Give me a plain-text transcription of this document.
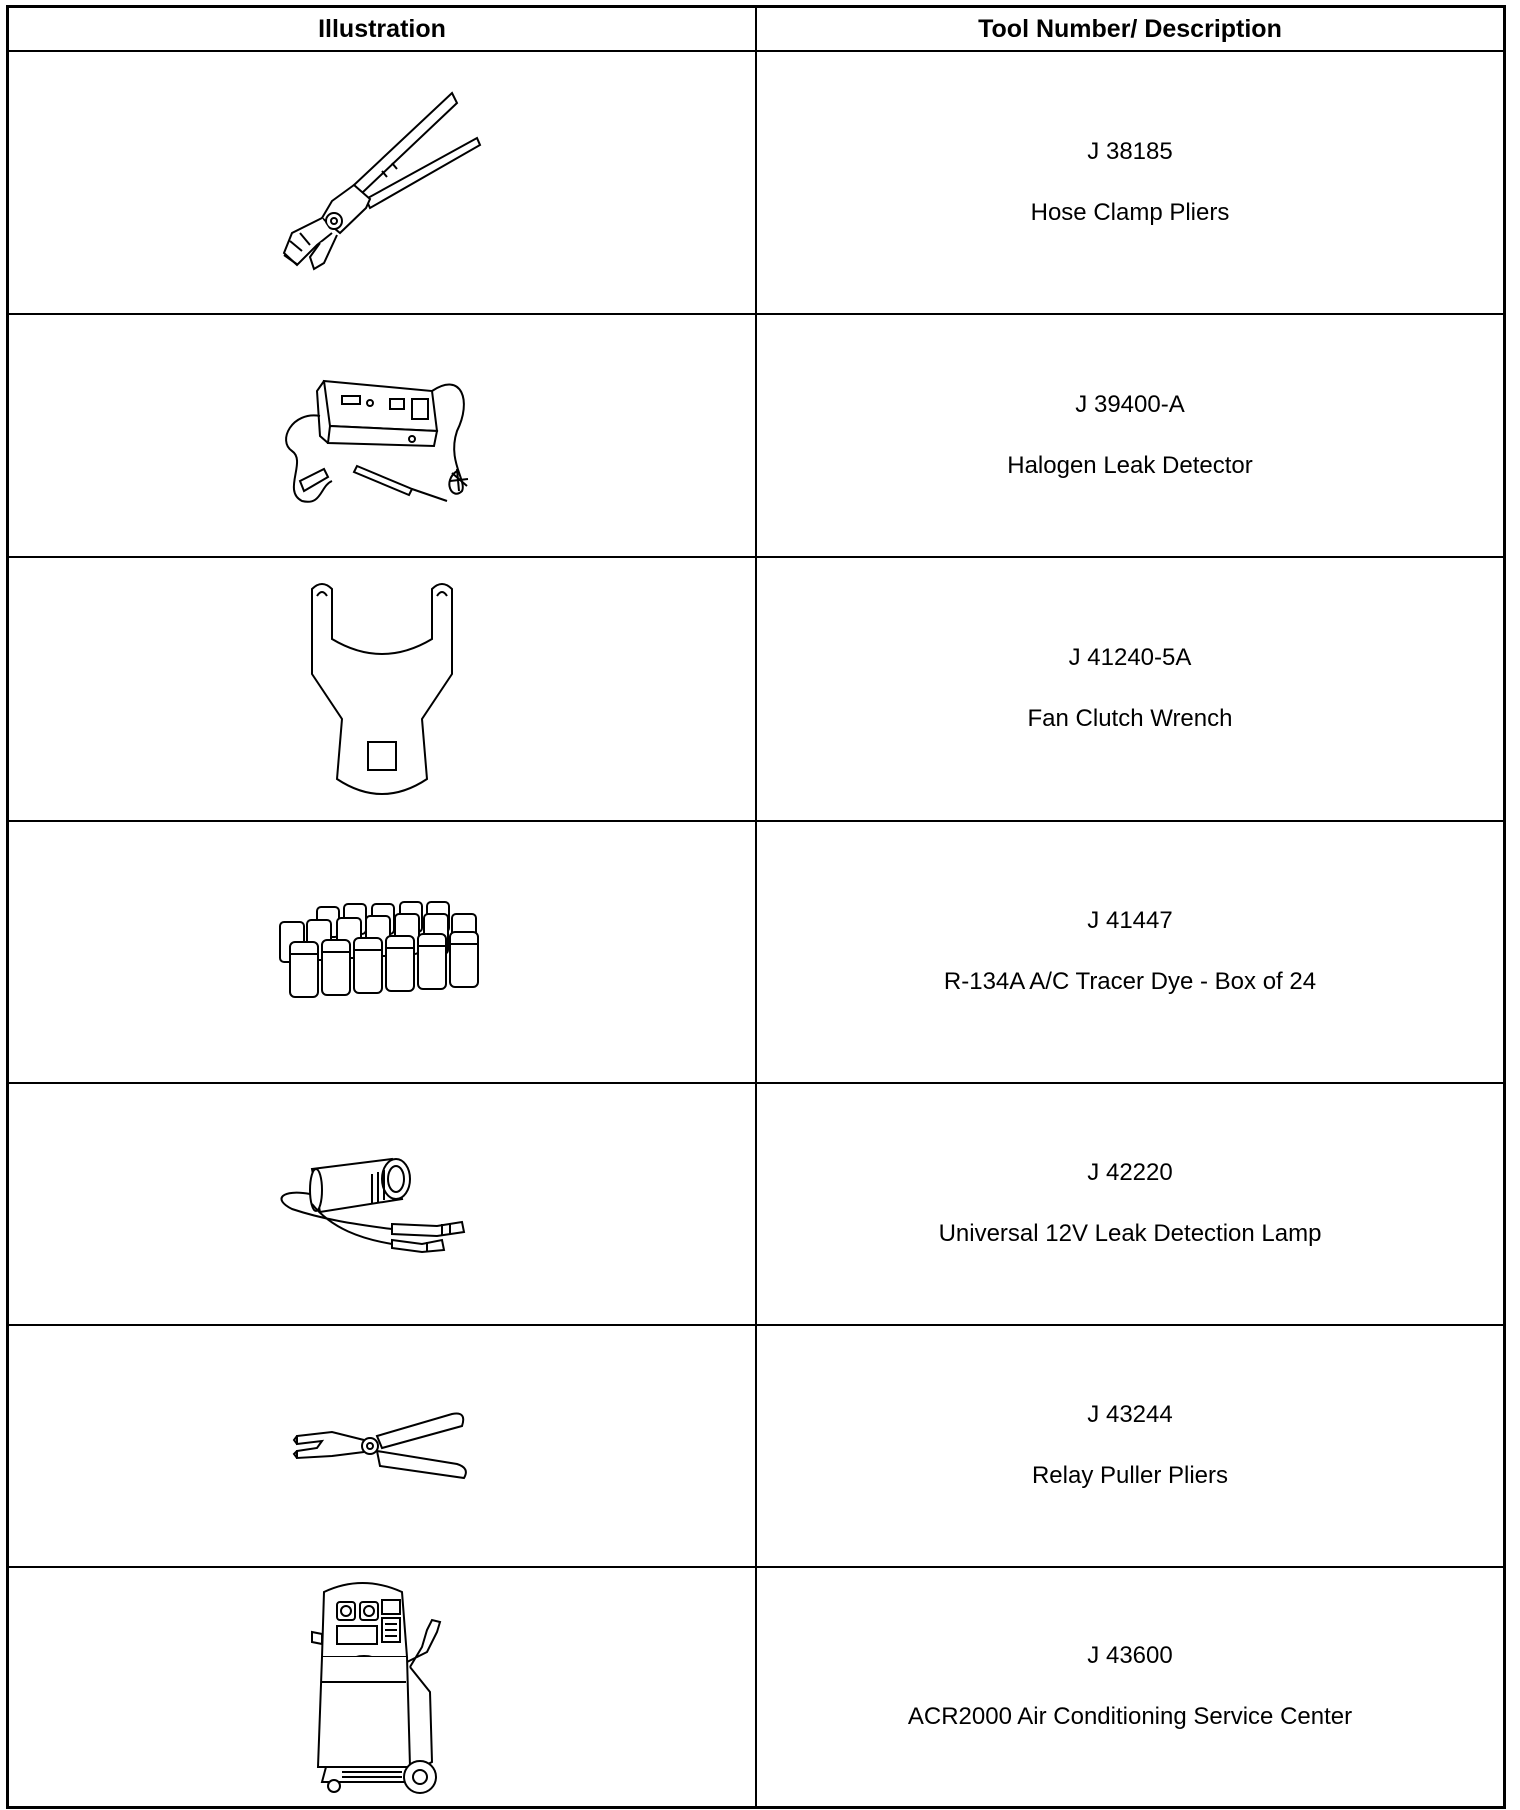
Illustration	Tool Number/ Description

J 38185
Hose Clamp Pliers

J 39400-A
Halogen Leak Detector

J 41240-5A
Fan Clutch Wrench

J 41447
R-134A A/C Tracer Dye - Box of 24

J 42220
Universal 12V Leak Detection Lamp

J 43244
Relay Puller Pliers

J 43600
ACR2000 Air Conditioning Service Center
